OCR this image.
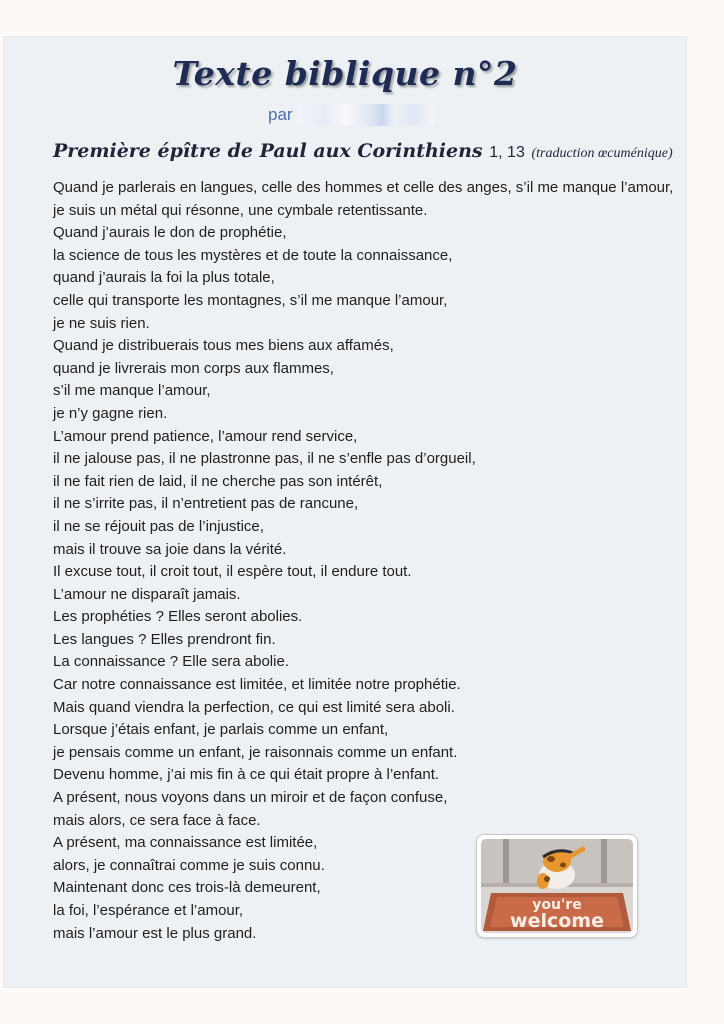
Texte biblique n°2
par
Première épître de Paul aux Corinthiens 1, 13 (traduction œcuménique)
Quand je parlerais en langues, celle des hommes et celle des anges, s’il me manque l’amour,
je suis un métal qui résonne, une cymbale retentissante.
Quand j’aurais le don de prophétie,
la science de tous les mystères et de toute la connaissance,
quand j’aurais la foi la plus totale,
celle qui transporte les montagnes, s’il me manque l’amour,
je ne suis rien.
Quand je distribuerais tous mes biens aux affamés,
quand je livrerais mon corps aux flammes,
s’il me manque l’amour,
je n’y gagne rien.
L’amour prend patience, l’amour rend service,
il ne jalouse pas, il ne plastronne pas, il ne s’enfle pas d’orgueil,
il ne fait rien de laid, il ne cherche pas son intérêt,
il ne s’irrite pas, il n’entretient pas de rancune,
il ne se réjouit pas de l’injustice,
mais il trouve sa joie dans la vérité.
Il excuse tout, il croit tout, il espère tout, il endure tout.
L’amour ne disparaît jamais.
Les prophéties ? Elles seront abolies.
Les langues ? Elles prendront fin.
La connaissance ? Elle sera abolie.
Car notre connaissance est limitée, et limitée notre prophétie.
Mais quand viendra la perfection, ce qui est limité sera aboli.
Lorsque j’étais enfant, je parlais comme un enfant,
je pensais comme un enfant, je raisonnais comme un enfant.
Devenu homme, j’ai mis fin à ce qui était propre à l’enfant.
A présent, nous voyons dans un miroir et de façon confuse,
mais alors, ce sera face à face.
A présent, ma connaissance est limitée,
alors, je connaîtrai comme je suis connu.
Maintenant donc ces trois-là demeurent,
la foi, l’espérance et l’amour,
mais l’amour est le plus grand.
you're
welcome
